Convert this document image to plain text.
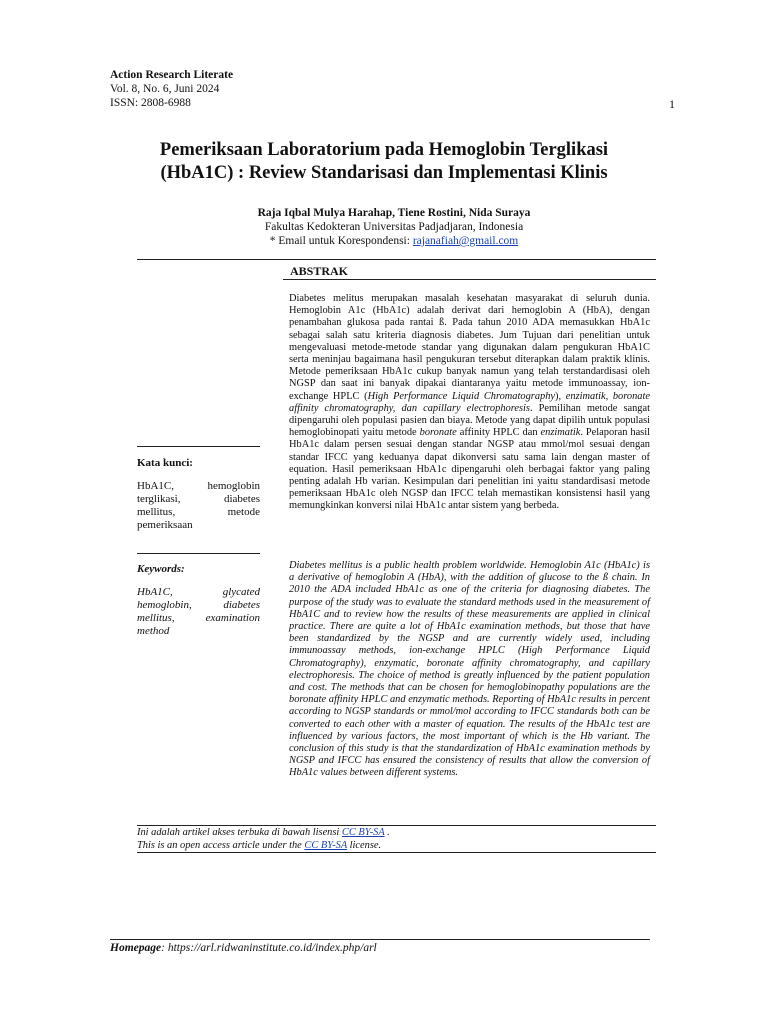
Action Research Literate
Vol. 8, No. 6, Juni 2024
ISSN: 2808-6988	1
Pemeriksaan Laboratorium pada Hemoglobin Terglikasi
(HbA1C) : Review Standarisasi dan Implementasi Klinis
Raja Iqbal Mulya Harahap, Tiene Rostini, Nida Suraya
Fakultas Kedokteran Universitas Padjadjaran, Indonesia
* Email untuk Korespondensi: rajanafiah@gmail.com
ABSTRAK
Kata kunci:
HbA1C, hemoglobin terglikasi, diabetes mellitus, metode pemeriksaan
Keywords:
HbA1C, glycated hemoglobin, diabetes mellitus, examination method
Diabetes melitus merupakan masalah kesehatan masyarakat di seluruh dunia. Hemoglobin A1c (HbA1c) adalah derivat dari hemoglobin A (HbA), dengan penambahan glukosa pada rantai ß. Pada tahun 2010 ADA memasukkan HbA1c sebagai salah satu kriteria diagnosis diabetes. Jum Tujuan dari penelitian untuk mengevaluasi metode-metode standar yang digunakan dalam pengukuran HbA1C serta meninjau bagaimana hasil pengukuran tersebut diterapkan dalam praktik klinis. Metode pemeriksaan HbA1c cukup banyak namun yang telah terstandardisasi oleh NGSP dan saat ini banyak dipakai diantaranya yaitu metode immunoassay, ion-exchange HPLC (High Performance Liquid Chromatography), enzimatik, boronate affinity chromatography, dan capillary electrophoresis. Pemilihan metode sangat dipengaruhi oleh populasi pasien dan biaya. Metode yang dapat dipilih untuk populasi hemoglobinopati yaitu metode boronate affinity HPLC dan enzimatik. Pelaporan hasil HbA1c dalam persen sesuai dengan standar NGSP atau mmol/mol sesuai dengan standar IFCC yang keduanya dapat dikonversi satu sama lain dengan master of equation. Hasil pemeriksaan HbA1c dipengaruhi oleh berbagai faktor yang paling penting adalah Hb varian. Kesimpulan dari penelitian ini yaitu standardisasi metode pemeriksaan HbA1c oleh NGSP dan IFCC telah memastikan konsistensi hasil yang memungkinkan konversi nilai HbA1c antar sistem yang berbeda.
Diabetes mellitus is a public health problem worldwide. Hemoglobin A1c (HbA1c) is a derivative of hemoglobin A (HbA), with the addition of glucose to the ß chain. In 2010 the ADA included HbA1c as one of the criteria for diagnosing diabetes. The purpose of the study was to evaluate the standard methods used in the measurement of HbA1C and to review how the results of these measurements are applied in clinical practice. There are quite a lot of HbA1c examination methods, but those that have been standardized by the NGSP and are currently widely used, including immunoassay methods, ion-exchange HPLC (High Performance Liquid Chromatography), enzymatic, boronate affinity chromatography, and capillary electrophoresis. The choice of method is greatly influenced by the patient population and cost. The methods that can be chosen for hemoglobinopathy populations are the boronate affinity HPLC and enzymatic methods. Reporting of HbA1c results in percent according to NGSP standards or mmol/mol according to IFCC standards both can be converted to each other with a master of equation. The results of the HbA1c test are influenced by various factors, the most important of which is the Hb variant. The conclusion of this study is that the standardization of HbA1c examination methods by NGSP and IFCC has ensured the consistency of results that allow the conversion of HbA1c values between different systems.
Ini adalah artikel akses terbuka di bawah lisensi CC BY-SA .
This is an open access article under the CC BY-SA license.
Homepage: https://arl.ridwaninstitute.co.id/index.php/arl
